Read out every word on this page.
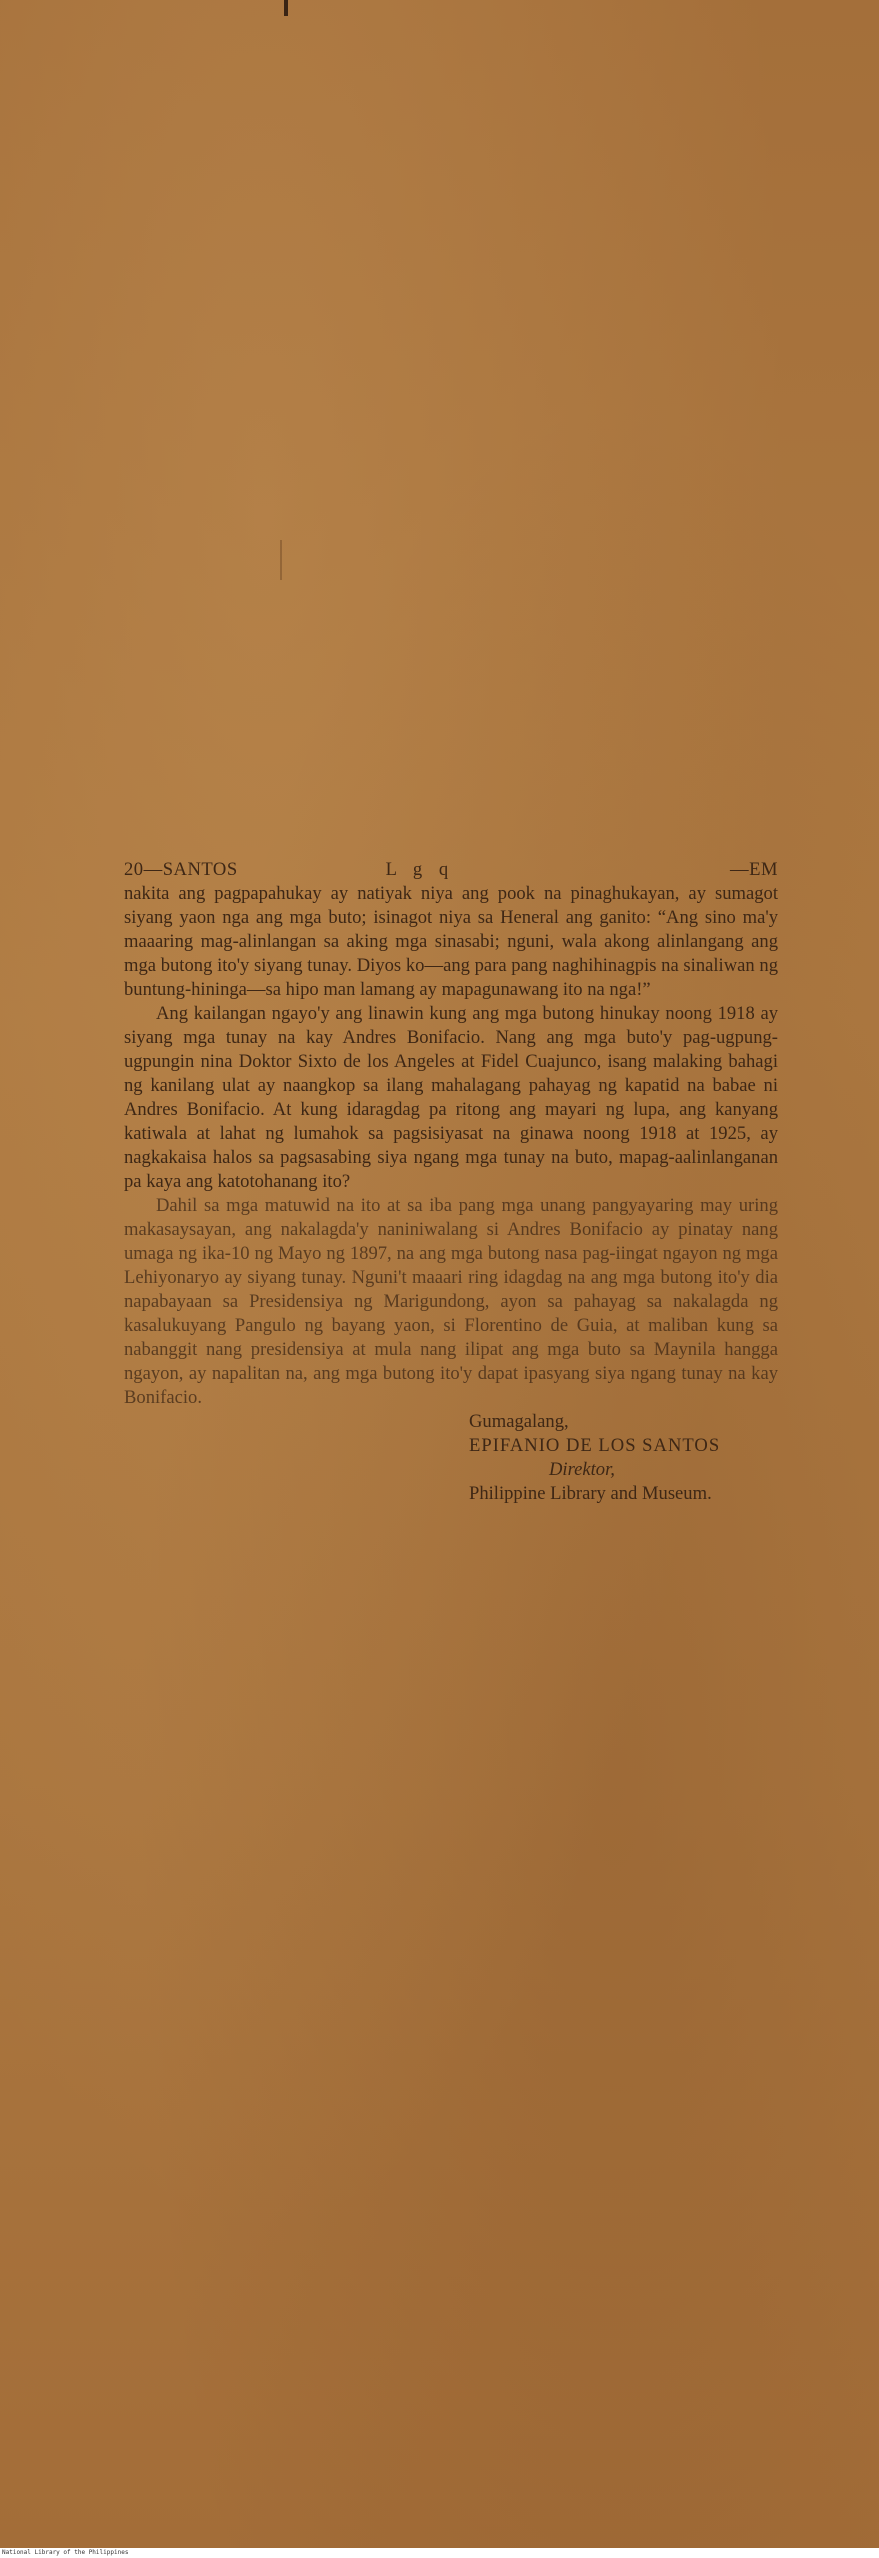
20—SANTOS	L g q	—EM

nakita ang pagpapahukay ay natiyak niya ang pook na pinaghukayan, ay sumagot siyang yaon nga ang mga buto; isinagot niya sa Heneral ang ganito: “Ang sino ma'y maaaring mag-alinlangan sa aking mga sinasabi; nguni, wala akong alinlangang ang mga butong ito'y siyang tunay. Diyos ko—ang para pang naghihinagpis na sinaliwan ng buntung-hininga—sa hipo man lamang ay mapagunawang ito na nga!”

Ang kailangan ngayo'y ang linawin kung ang mga butong hinukay noong 1918 ay siyang mga tunay na kay Andres Bonifacio. Nang ang mga buto'y pag-ugpung-ugpungin nina Doktor Sixto de los Angeles at Fidel Cuajunco, isang malaking bahagi ng kanilang ulat ay naangkop sa ilang mahalagang pahayag ng kapatid na babae ni Andres Bonifacio. At kung idaragdag pa ritong ang mayari ng lupa, ang kanyang katiwala at lahat ng lumahok sa pagsisiyasat na ginawa noong 1918 at 1925, ay nagkakaisa halos sa pagsasabing siya ngang mga tunay na buto, mapag-aalinlanganan pa kaya ang katotohanang ito?

Dahil sa mga matuwid na ito at sa iba pang mga unang pangyayaring may uring makasaysayan, ang nakalagda'y naniniwalang si Andres Bonifacio ay pinatay nang umaga ng ika-10 ng Mayo ng 1897, na ang mga butong nasa pag-iingat ngayon ng mga Lehiyonaryo ay siyang tunay. Nguni't maaari ring idagdag na ang mga butong ito'y dia napabayaan sa Presidensiya ng Marigundong, ayon sa pahayag sa nakalagda ng kasalukuyang Pangulo ng bayang yaon, si Florentino de Guia, at maliban kung sa nabanggit nang presidensiya at mula nang ilipat ang mga buto sa Maynila hangga ngayon, ay napalitan na, ang mga butong ito'y dapat ipasyang siya ngang tunay na kay Bonifacio.

Gumagalang,
EPIFANIO DE LOS SANTOS
Direktor,
Philippine Library and Museum.
National Library of the Philippines
